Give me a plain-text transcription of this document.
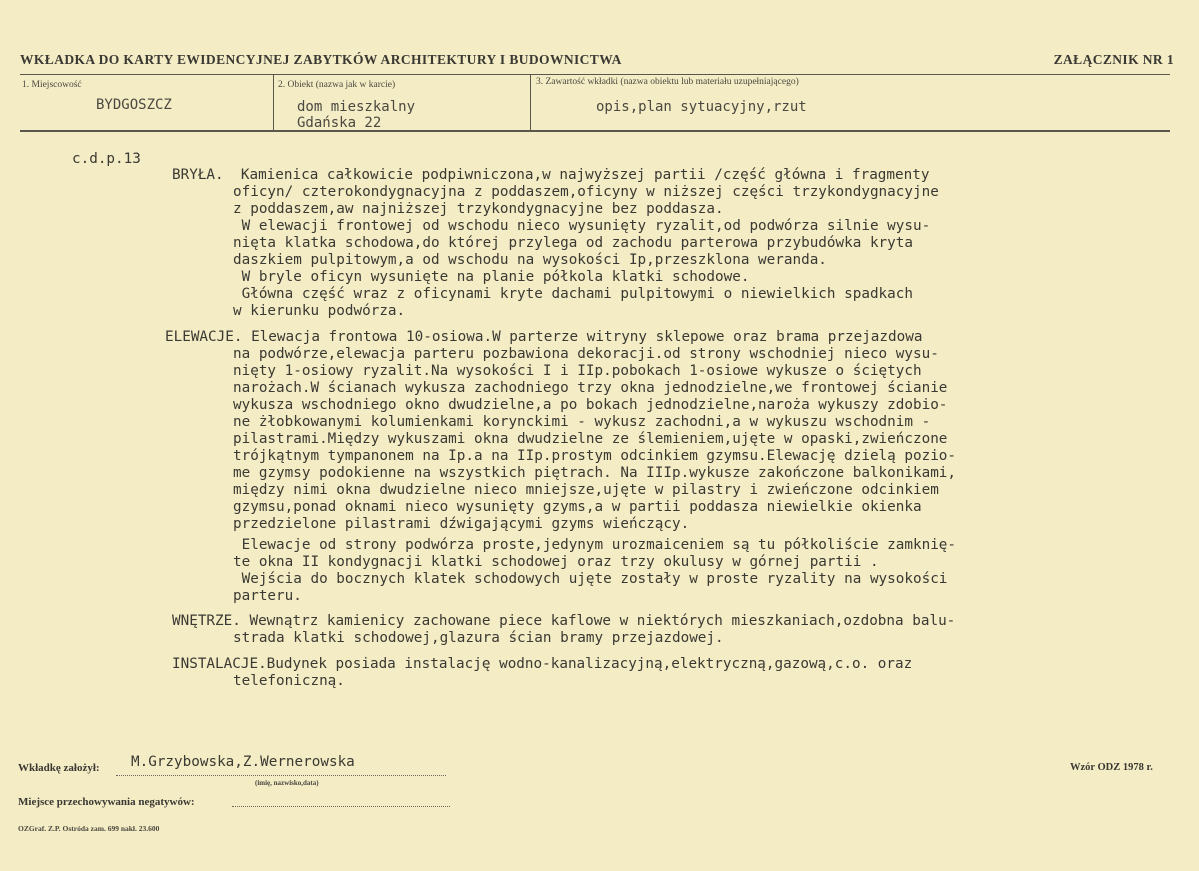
WKŁADKA DO KARTY EWIDENCYJNEJ ZABYTKÓW ARCHITEKTURY I BUDOWNICTWA	ZAŁĄCZNIK NR 1
1. Miejscowość
BYDGOSZCZ
2. Obiekt (nazwa jak w karcie)
dom mieszkalny
Gdańska 22
3. Zawartość wkładki (nazwa obiektu lub materiału uzupełniającego)
opis,plan sytuacyjny,rzut

c.d.p.13

BRYŁA.  Kamienica całkowicie podpiwniczona,w najwyższej partii /część główna i fragmenty

oficyn/ czterokondygnacyjna z poddaszem,oficyny w niższej części trzykondygnacyjne

z poddaszem,aw najniższej trzykondygnacyjne bez poddasza.

W elewacji frontowej od wschodu nieco wysunięty ryzalit,od podwórza silnie wysu-

nięta klatka schodowa,do której przylega od zachodu parterowa przybudówka kryta

daszkiem pulpitowym,a od wschodu na wysokości Ip,przeszklona weranda.

W bryle oficyn wysunięte na planie półkola klatki schodowe.

Główna część wraz z oficynami kryte dachami pulpitowymi o niewielkich spadkach

w kierunku podwórza.

ELEWACJE. Elewacja frontowa 10-osiowa.W parterze witryny sklepowe oraz brama przejazdowa

na podwórze,elewacja parteru pozbawiona dekoracji.od strony wschodniej nieco wysu-

nięty 1-osiowy ryzalit.Na wysokości I i IIp.pobokach 1-osiowe wykusze o ściętych

narożach.W ścianach wykusza zachodniego trzy okna jednodzielne,we frontowej ścianie

wykusza wschodniego okno dwudzielne,a po bokach jednodzielne,naroża wykuszy zdobio-

ne żłobkowanymi kolumienkami korynckimi - wykusz zachodni,a w wykuszu wschodnim -

pilastrami.Między wykuszami okna dwudzielne ze ślemieniem,ujęte w opaski,zwieńczone

trójkątnym tympanonem na Ip.a na IIp.prostym odcinkiem gzymsu.Elewację dzielą pozio-

me gzymsy podokienne na wszystkich piętrach. Na IIIp.wykusze zakończone balkonikami,

między nimi okna dwudzielne nieco mniejsze,ujęte w pilastry i zwieńczone odcinkiem

gzymsu,ponad oknami nieco wysunięty gzyms,a w partii poddasza niewielkie okienka

przedzielone pilastrami dźwigającymi gzyms wieńczący.

Elewacje od strony podwórza proste,jedynym urozmaiceniem są tu półkoliście zamknię-

te okna II kondygnacji klatki schodowej oraz trzy okulusy w górnej partii .

Wejścia do bocznych klatek schodowych ujęte zostały w proste ryzality na wysokości

parteru.

WNĘTRZE. Wewnątrz kamienicy zachowane piece kaflowe w niektórych mieszkaniach,ozdobna balu-

strada klatki schodowej,glazura ścian bramy przejazdowej.

INSTALACJE.Budynek posiada instalację wodno-kanalizacyjną,elektryczną,gazową,c.o. oraz

telefoniczną.

Wkładkę założył: M.Grzybowska,Z.Wernerowska
(imię, nazwisko,data)
Miejsce przechowywania negatywów:
Wzór ODZ 1978 r.
OZGraf. Z.P. Ostróda zam. 699 nakł. 23.600
